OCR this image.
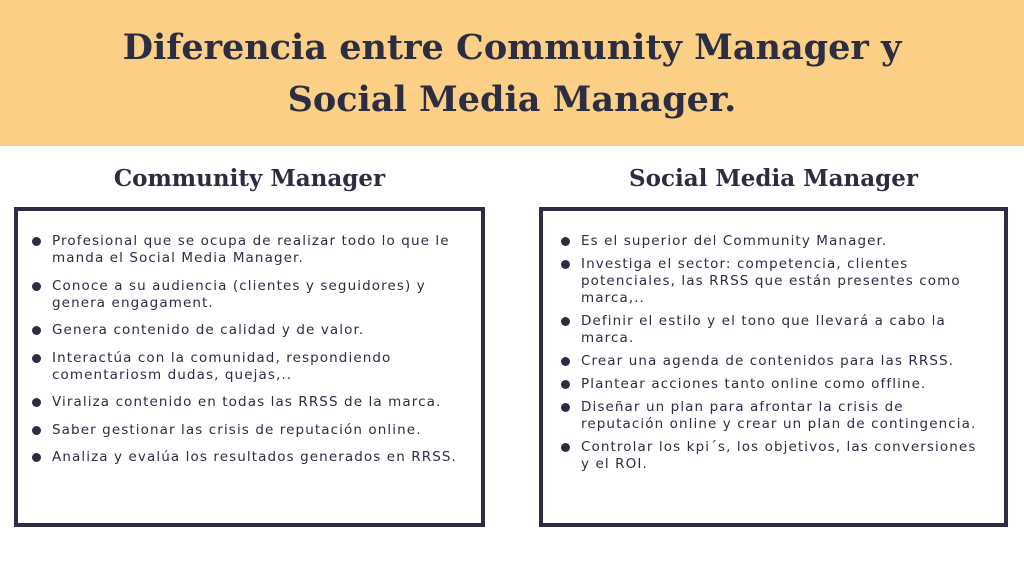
Diferencia entre Community Manager y Social Media Manager.
Community Manager	Social Media Manager
Profesional que se ocupa de realizar todo lo que le manda el Social Media Manager.
Conoce a su audiencia (clientes y seguidores) y genera engagament.
Genera contenido de calidad y de valor.
Interactúa con la comunidad, respondiendo comentariosm dudas, quejas,..
Viraliza contenido en todas las RRSS de la marca.
Saber gestionar las crisis de reputación online.
Analiza y evalúa los resultados generados en RRSS.
Es el superior del Community Manager.
Investiga el sector: competencia, clientes potenciales, las RRSS que están presentes como marca,..
Definir el estilo y el tono que llevará a cabo la marca.
Crear una agenda de contenidos para las RRSS.
Plantear acciones tanto online como offline.
Diseñar un plan para afrontar la crisis de reputación online y crear un plan de contingencia.
Controlar los kpi´s, los objetivos, las conversiones y el ROI.
